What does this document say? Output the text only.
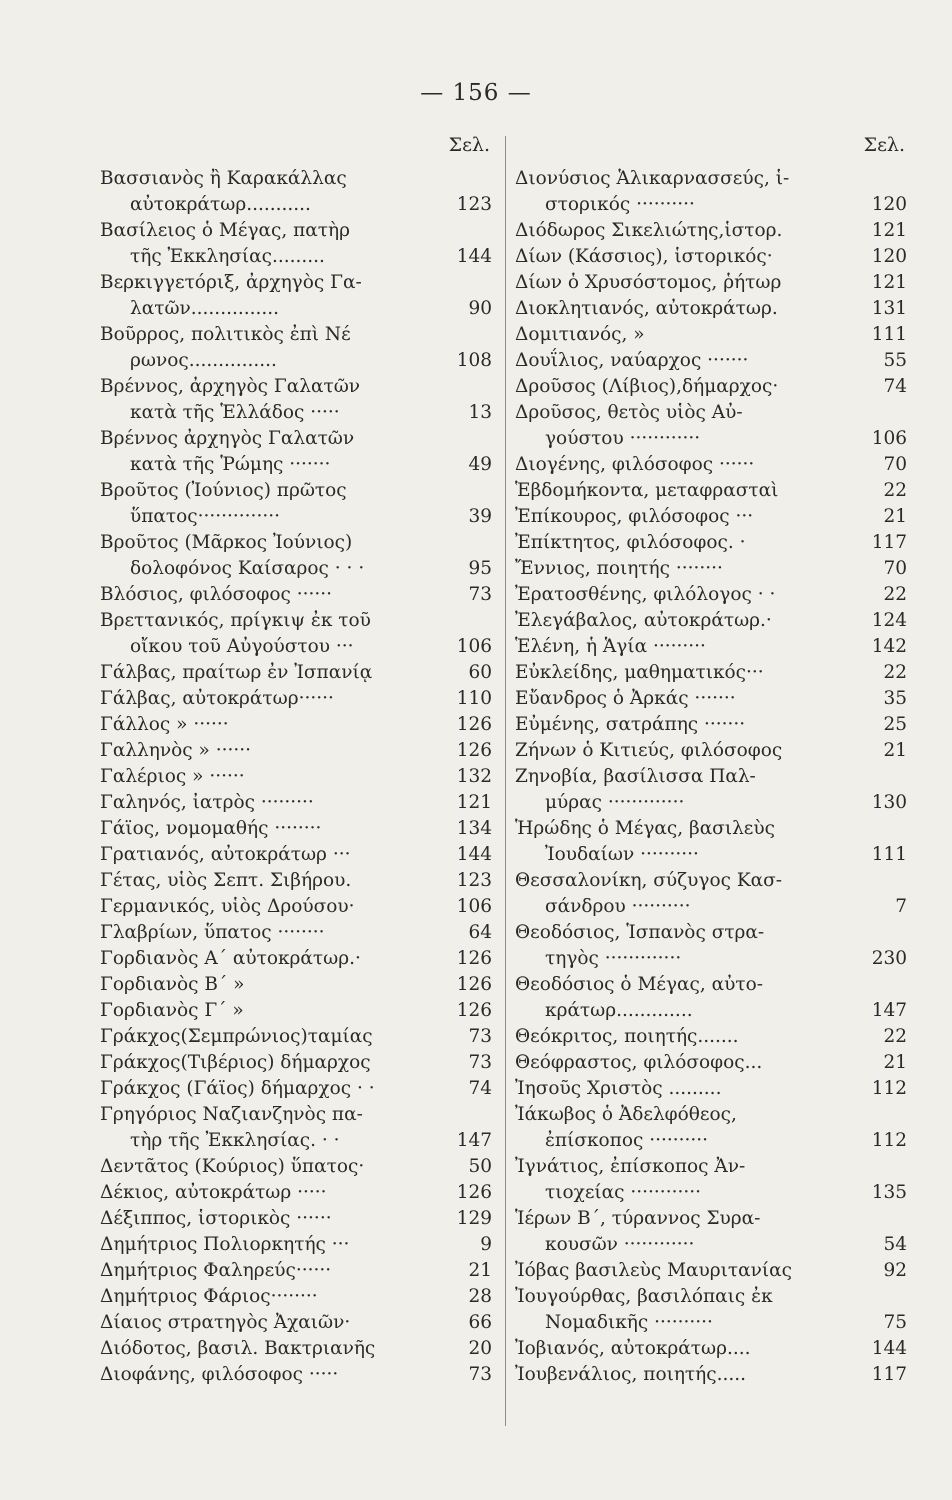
— 156 —
Σελ.
Βασσιανὸς ἢ Καρακάλλας
αὐτοκράτωρ...........	123
Βασίλειος ὁ Μέγας, πατὴρ
τῆς Ἐκκλησίας.........	144
Βερκιγγετόριξ, ἀρχηγὸς Γα-
λατῶν...............	90
Βοῦρρος, πολιτικὸς ἐπὶ Νέ
ρωνος...............	108
Βρέννος, ἀρχηγὸς Γαλατῶν
κατὰ τῆς Ἑλλάδος ·····	13
Βρέννος ἀρχηγὸς Γαλατῶν
κατὰ τῆς Ῥώμης ·······	49
Βροῦτος (Ἰούνιος) πρῶτος
ὕπατος··············	39
Βροῦτος (Μᾶρκος Ἰούνιος)
δολοφόνος Καίσαρος · · ·	95
Βλόσιος, φιλόσοφος ······	73
Βρεττανικός, πρίγκιψ ἐκ τοῦ
οἴκου τοῦ Αὐγούστου ···	106
Γάλβας, πραίτωρ ἐν Ἰσπανίᾳ	60
Γάλβας, αὐτοκράτωρ······	110
Γάλλος » ······	126
Γαλληνὸς » ······	126
Γαλέριος » ······	132
Γαληνός, ἰατρὸς ·········	121
Γάϊος, νομομαθής ········	134
Γρατιανός, αὐτοκράτωρ ···	144
Γέτας, υἱὸς Σεπτ. Σιβήρου.	123
Γερμανικός, υἱὸς Δρούσου·	106
Γλαβρίων, ὕπατος ········	64
Γορδιανὸς Α΄ αὐτοκράτωρ.·	126
Γορδιανὸς Β΄ »	126
Γορδιανὸς Γ΄ »	126
Γράκχος(Σεμπρώνιος)ταμίας	73
Γράκχος(Τιβέριος) δήμαρχος	73
Γράκχος (Γάϊος) δήμαρχος · ·	74
Γρηγόριος Ναζιανζηνὸς πα-
τὴρ τῆς Ἐκκλησίας. · ·	147
Δεντᾶτος (Κούριος) ὕπατος·	50
Δέκιος, αὐτοκράτωρ ·····	126
Δέξιππος, ἱστορικὸς ······	129
Δημήτριος Πολιορκητής ···	9
Δημήτριος Φαληρεύς······	21
Δημήτριος Φάριος········	28
Δίαιος στρατηγὸς Ἀχαιῶν·	66
Διόδοτος, βασιλ. Βακτριανῆς	20
Διοφάνης, φιλόσοφος ·····	73
Σελ.
Διονύσιος Ἁλικαρνασσεύς, ἱ-
στορικός ··········	120
Διόδωρος Σικελιώτης,ἱστορ.	121
Δίων (Κάσσιος), ἱστορικός·	120
Δίων ὁ Χρυσόστομος, ῥήτωρ	121
Διοκλητιανός, αὐτοκράτωρ.	131
Δομιτιανός, »	111
Δουΐλιος, ναύαρχος ·······	55
Δροῦσος (Λίβιος),δήμαρχος·	74
Δροῦσος, θετὸς υἱὸς Αὐ-
γούστου ············	106
Διογένης, φιλόσοφος ······	70
Ἑβδομήκοντα, μεταφρασταὶ	22
Ἐπίκουρος, φιλόσοφος ···	21
Ἐπίκτητος, φιλόσοφος. ·	117
Ἔννιος, ποιητής ········	70
Ἐρατοσθένης, φιλόλογος · ·	22
Ἐλεγάβαλος, αὐτοκράτωρ.·	124
Ἑλένη, ἡ Ἁγία ·········	142
Εὐκλείδης, μαθηματικός···	22
Εὔανδρος ὁ Ἀρκάς ·······	35
Εὐμένης, σατράπης ·······	25
Ζήνων ὁ Κιτιεύς, φιλόσοφος	21
Ζηνοβία, βασίλισσα Παλ-
μύρας ·············	130
Ἡρώδης ὁ Μέγας, βασιλεὺς
Ἰουδαίων ··········	111
Θεσσαλονίκη, σύζυγος Κασ-
σάνδρου ··········	7
Θεοδόσιος, Ἱσπανὸς στρα-
τηγὸς ·············	230
Θεοδόσιος ὁ Μέγας, αὐτο-
κράτωρ.............	147
Θεόκριτος, ποιητής.......	22
Θεόφραστος, φιλόσοφος...	21
Ἰησοῦς Χριστὸς .........	112
Ἰάκωβος ὁ Ἀδελφόθεος,
ἐπίσκοπος ··········	112
Ἰγνάτιος, ἐπίσκοπος Ἀν-
τιοχείας ············	135
Ἱέρων Β΄, τύραννος Συρα-
κουσῶν ············	54
Ἰόβας βασιλεὺς Μαυριτανίας	92
Ἰουγούρθας, βασιλόπαις ἐκ
Νομαδικῆς ··········	75
Ἰοβιανός, αὐτοκράτωρ....	144
Ἰουβενάλιος, ποιητής.....	117
